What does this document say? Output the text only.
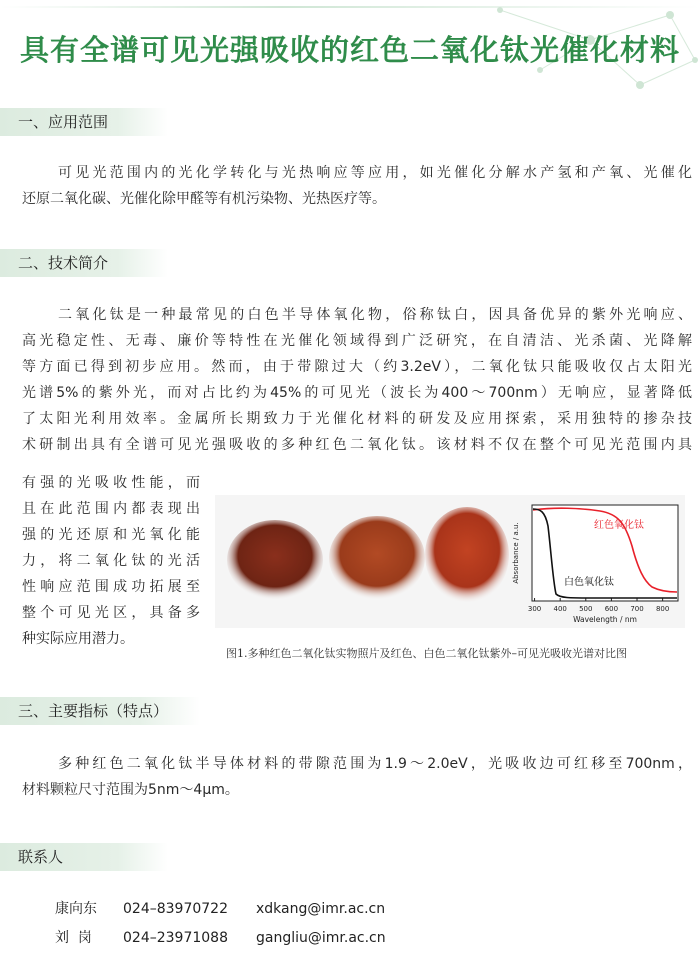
具有全谱可见光强吸收的红色二氧化钛光催化材料
一、应用范围
可见光范围内的光化学转化与光热响应等应用，如光催化分解水产氢和产氧、光催化
还原二氧化碳、光催化除甲醛等有机污染物、光热医疗等。
二、技术简介
二氧化钛是一种最常见的白色半导体氧化物，俗称钛白，因具备优异的紫外光响应、
高光稳定性、无毒、廉价等特性在光催化领域得到广泛研究，在自清洁、光杀菌、光降解
等方面已得到初步应用。然而，由于带隙过大（约3.2eV），二氧化钛只能吸收仅占太阳光
光谱5%的紫外光，而对占比约为45%的可见光（波长为400～700nm）无响应，显著降低
了太阳光利用效率。金属所长期致力于光催化材料的研发及应用探索，采用独特的掺杂技
术研制出具有全谱可见光强吸收的多种红色二氧化钛。该材料不仅在整个可见光范围内具
有强的光吸收性能，而
且在此范围内都表现出
强的光还原和光氧化能
力，将二氧化钛的光活
性响应范围成功拓展至
整个可见光区，具备多
种实际应用潜力。
Absorbance / a.u.
Wavelength / nm
300 400 500 600 700 800
红色氧化钛
白色氧化钛
图1.多种红色二氧化钛实物照片及红色、白色二氧化钛紫外–可见光吸收光谱对比图
三、主要指标（特点）
多种红色二氧化钛半导体材料的带隙范围为1.9～2.0eV，光吸收边可红移至700nm，
材料颗粒尺寸范围为5nm～4μm。
联系人
康向东 024–83970722 xdkang@imr.ac.cn
刘  岗 024–23971088 gangliu@imr.ac.cn
